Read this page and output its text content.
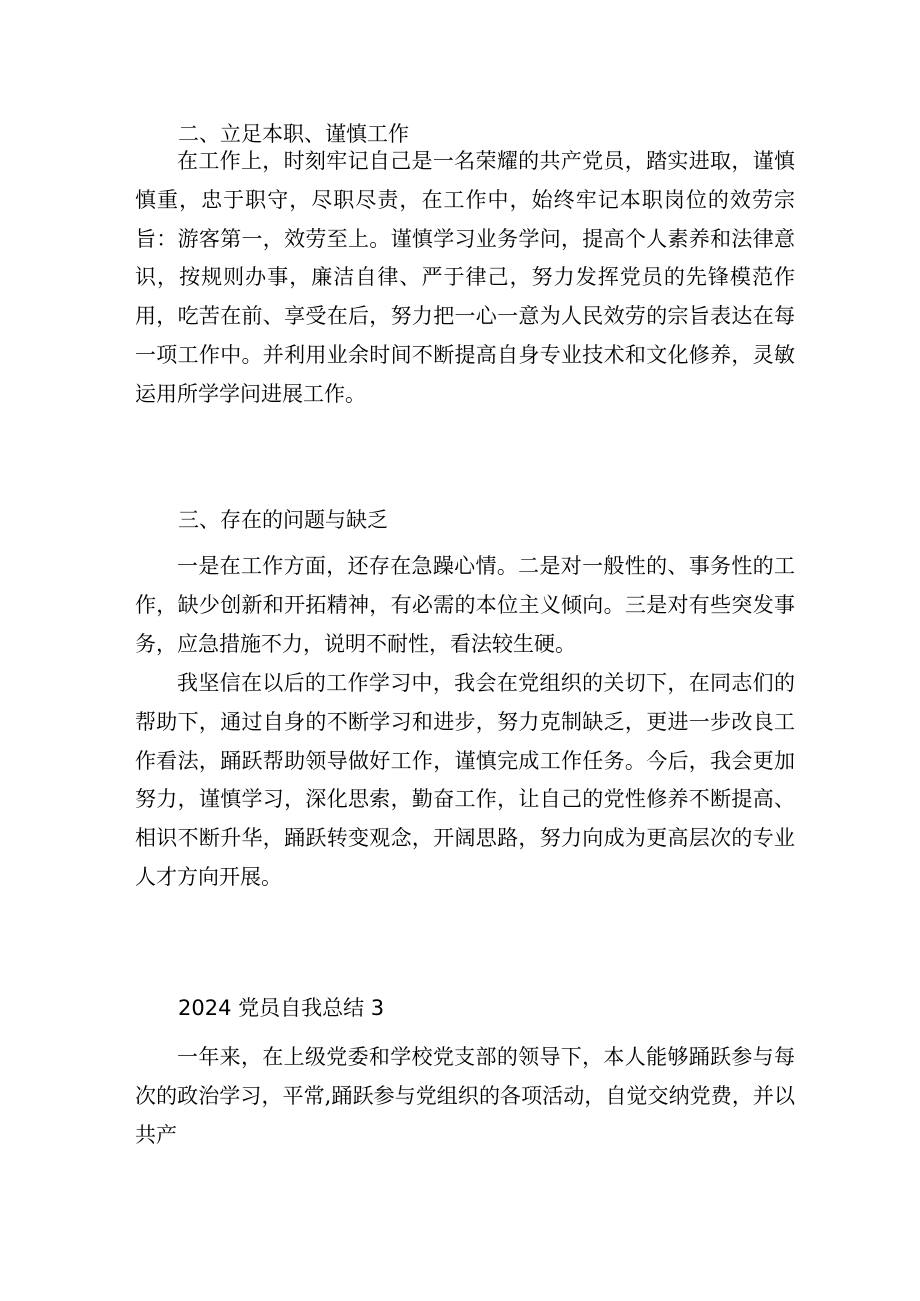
二、立足本职、谨慎工作

在工作上，时刻牢记自己是一名荣耀的共产党员，踏实进取，谨慎慎重，忠于职守，尽职尽责，在工作中，始终牢记本职岗位的效劳宗旨：游客第一，效劳至上。谨慎学习业务学问，提高个人素养和法律意识，按规则办事，廉洁自律、严于律己，努力发挥党员的先锋模范作用，吃苦在前、享受在后，努力把一心一意为人民效劳的宗旨表达在每一项工作中。并利用业余时间不断提高自身专业技术和文化修养，灵敏运用所学学问进展工作。

三、存在的问题与缺乏

一是在工作方面，还存在急躁心情。二是对一般性的、事务性的工作，缺少创新和开拓精神，有必需的本位主义倾向。三是对有些突发事务，应急措施不力，说明不耐性，看法较生硬。

我坚信在以后的工作学习中，我会在党组织的关切下，在同志们的帮助下，通过自身的不断学习和进步，努力克制缺乏，更进一步改良工作看法，踊跃帮助领导做好工作，谨慎完成工作任务。今后，我会更加努力，谨慎学习，深化思索，勤奋工作，让自己的党性修养不断提高、相识不断升华，踊跃转变观念，开阔思路，努力向成为更高层次的专业人才方向开展。

2024 党员自我总结 3

一年来，在上级党委和学校党支部的领导下，本人能够踊跃参与每次的政治学习，平常,踊跃参与党组织的各项活动，自觉交纳党费，并以共产
